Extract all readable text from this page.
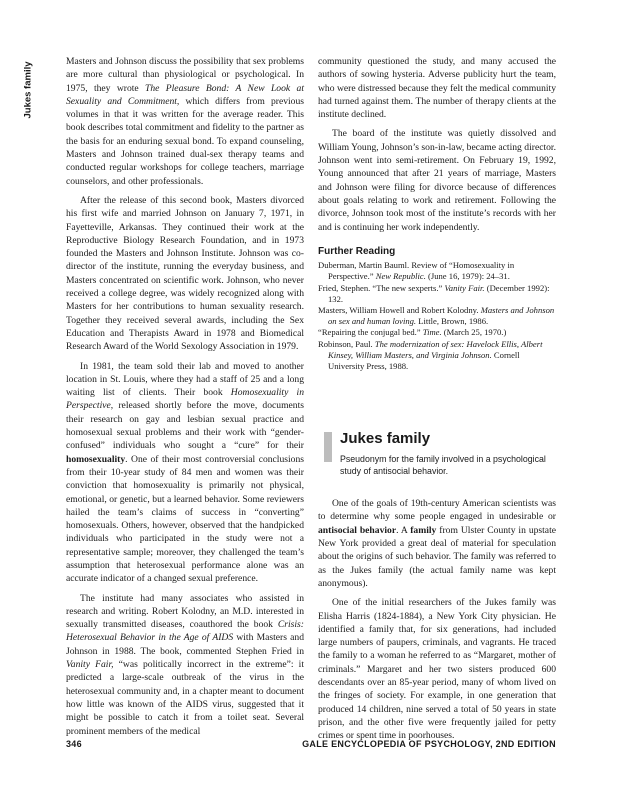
Jukes family	Masters and Johnson discuss the possibility that sex problems are more cultural than physiological or psychological. In 1975, they wrote The Pleasure Bond: A New Look at Sexuality and Commitment, which differs from previous volumes in that it was written for the average reader. This book describes total commitment and fidelity to the partner as the basis for an enduring sexual bond. To expand counseling, Masters and Johnson trained dual-sex therapy teams and conducted regular workshops for college teachers, marriage counselors, and other professionals.

After the release of this second book, Masters divorced his first wife and married Johnson on January 7, 1971, in Fayetteville, Arkansas. They continued their work at the Reproductive Biology Research Foundation, and in 1973 founded the Masters and Johnson Institute. Johnson was co-director of the institute, running the everyday business, and Masters concentrated on scientific work. Johnson, who never received a college degree, was widely recognized along with Masters for her contributions to human sexuality research. Together they received several awards, including the Sex Education and Therapists Award in 1978 and Biomedical Research Award of the World Sexology Association in 1979.

In 1981, the team sold their lab and moved to another location in St. Louis, where they had a staff of 25 and a long waiting list of clients. Their book Homosexuality in Perspective, released shortly before the move, documents their research on gay and lesbian sexual practice and homosexual sexual problems and their work with “gender-confused” individuals who sought a “cure” for their homosexuality. One of their most controversial conclusions from their 10-year study of 84 men and women was their conviction that homosexuality is primarily not physical, emotional, or genetic, but a learned behavior. Some reviewers hailed the team’s claims of success in “converting” homosexuals. Others, however, observed that the handpicked individuals who participated in the study were not a representative sample; moreover, they challenged the team’s assumption that heterosexual performance alone was an accurate indicator of a changed sexual preference.

The institute had many associates who assisted in research and writing. Robert Kolodny, an M.D. interested in sexually transmitted diseases, coauthored the book Crisis: Heterosexual Behavior in the Age of AIDS with Masters and Johnson in 1988. The book, commented Stephen Fried in Vanity Fair, “was politically incorrect in the extreme”: it predicted a large-scale outbreak of the virus in the heterosexual community and, in a chapter meant to document how little was known of the AIDS virus, suggested that it might be possible to catch it from a toilet seat. Several prominent members of the medical

community questioned the study, and many accused the authors of sowing hysteria. Adverse publicity hurt the team, who were distressed because they felt the medical community had turned against them. The number of therapy clients at the institute declined.

The board of the institute was quietly dissolved and William Young, Johnson’s son-in-law, became acting director. Johnson went into semi-retirement. On February 19, 1992, Young announced that after 21 years of marriage, Masters and Johnson were filing for divorce because of differences about goals relating to work and retirement. Following the divorce, Johnson took most of the institute’s records with her and is continuing her work independently.

Further Reading

Duberman, Martin Bauml. Review of “Homosexuality in Perspective.” New Republic. (June 16, 1979): 24–31.

Fried, Stephen. “The new sexperts.” Vanity Fair. (December 1992): 132.

Masters, William Howell and Robert Kolodny. Masters and Johnson on sex and human loving. Little, Brown, 1986.

“Repairing the conjugal bed.” Time. (March 25, 1970.)

Robinson, Paul. The modernization of sex: Havelock Ellis, Albert Kinsey, William Masters, and Virginia Johnson. Cornell University Press, 1988.

Jukes family
Pseudonym for the family involved in a psychological study of antisocial behavior.

One of the goals of 19th-century American scientists was to determine why some people engaged in undesirable or antisocial behavior. A family from Ulster County in upstate New York provided a great deal of material for speculation about the origins of such behavior. The family was referred to as the Jukes family (the actual family name was kept anonymous).

One of the initial researchers of the Jukes family was Elisha Harris (1824-1884), a New York City physician. He identified a family that, for six generations, had included large numbers of paupers, criminals, and vagrants. He traced the family to a woman he referred to as “Margaret, mother of criminals.” Margaret and her two sisters produced 600 descendants over an 85-year period, many of whom lived on the fringes of society. For example, in one generation that produced 14 children, nine served a total of 50 years in state prison, and the other five were frequently jailed for petty crimes or spent time in poorhouses.

346	GALE ENCYCLOPEDIA OF PSYCHOLOGY, 2ND EDITION
